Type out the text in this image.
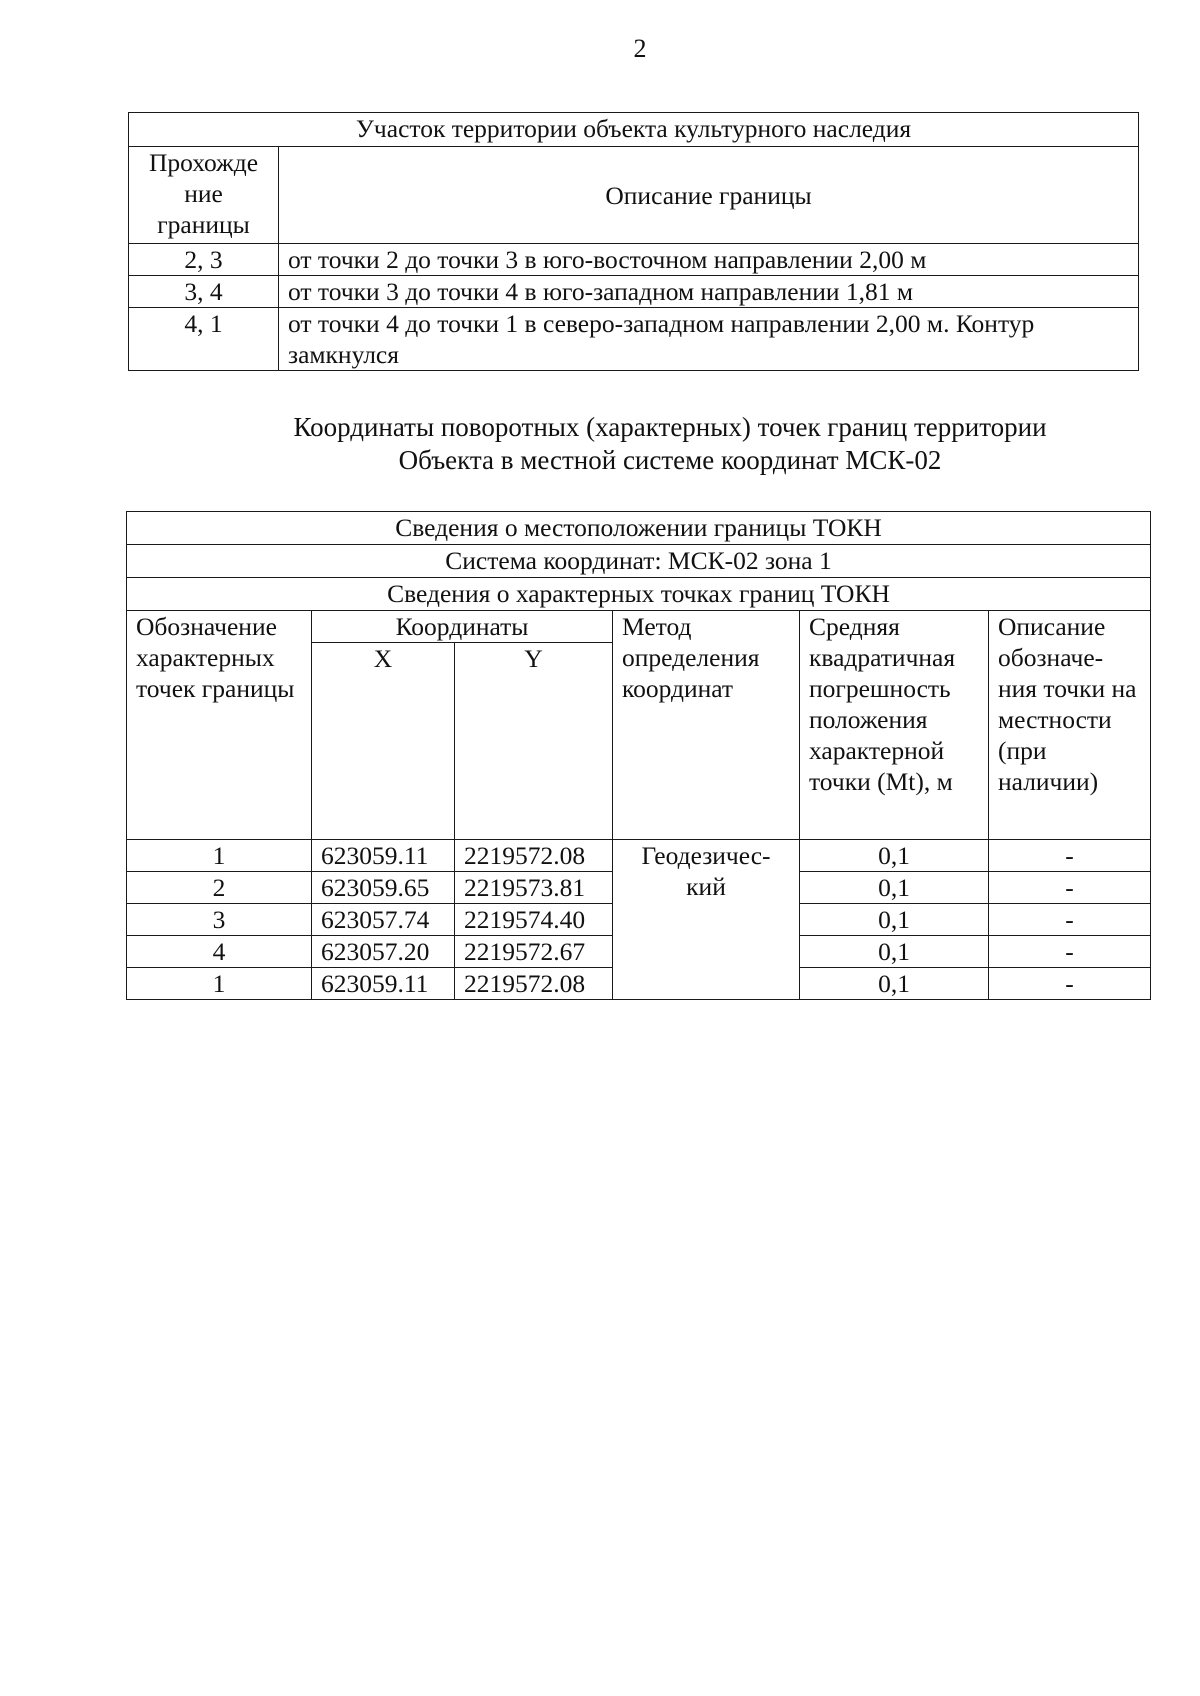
2
Участок территории объекта культурного наследия	
Прохожде ние границы	Описание границы
2, 3	от точки 2 до точки 3 в юго-восточном направлении 2,00 м
3, 4	от точки 3 до точки 4 в юго-западном направлении 1,81 м
4, 1	от точки 4 до точки 1 в северо-западном направлении 2,00 м. Контур замкнулся
Координаты поворотных (характерных) точек границ территории
Объекта в местной системе координат МСК-02
Сведения о местоположении границы ТОКН					
Система координат: МСК-02 зона 1					
Сведения о характерных точках границ ТОКН					
Обозначение характерных точек границы	Координаты		Метод определения координат	Средняя квадратичная погрешность положения характерной точки (Mt), м	Описание обозначе-ния точки на местности (при наличии)
	X	Y			
1	623059.11	2219572.08	Геодезичес-кий	0,1	-
2	623059.65	2219573.81		0,1	-
3	623057.74	2219574.40		0,1	-
4	623057.20	2219572.67		0,1	-
1	623059.11	2219572.08		0,1	-
